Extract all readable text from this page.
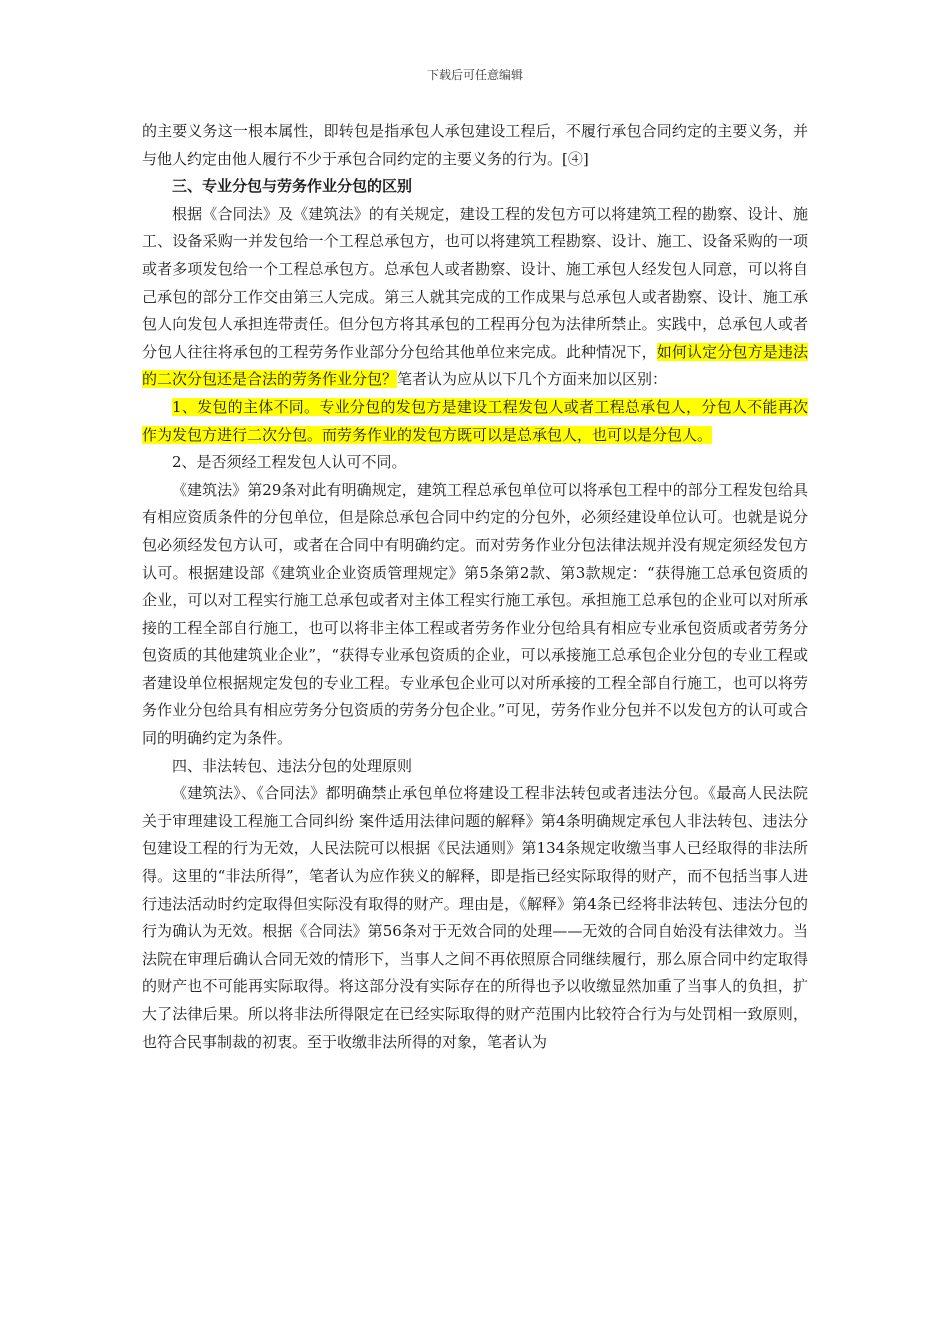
下载后可任意编辑

的主要义务这一根本属性，即转包是指承包人承包建设工程后，不履行承包合同约定的主要义务，并与他人约定由他人履行不少于承包合同约定的主要义务的行为。[④]

三、专业分包与劳务作业分包的区别

根据《合同法》及《建筑法》的有关规定，建设工程的发包方可以将建筑工程的勘察、设计、施工、设备采购一并发包给一个工程总承包方，也可以将建筑工程勘察、设计、施工、设备采购的一项或者多项发包给一个工程总承包方。总承包人或者勘察、设计、施工承包人经发包人同意，可以将自己承包的部分工作交由第三人完成。第三人就其完成的工作成果与总承包人或者勘察、设计、施工承包人向发包人承担连带责任。但分包方将其承包的工程再分包为法律所禁止。实践中，总承包人或者分包人往往将承包的工程劳务作业部分分包给其他单位来完成。此种情况下，如何认定分包方是违法的二次分包还是合法的劳务作业分包？笔者认为应从以下几个方面来加以区别：

1、发包的主体不同。专业分包的发包方是建设工程发包人或者工程总承包人，分包人不能再次作为发包方进行二次分包。而劳务作业的发包方既可以是总承包人，也可以是分包人。

2、是否须经工程发包人认可不同。

《建筑法》第29条对此有明确规定，建筑工程总承包单位可以将承包工程中的部分工程发包给具有相应资质条件的分包单位，但是除总承包合同中约定的分包外，必须经建设单位认可。也就是说分包必须经发包方认可，或者在合同中有明确约定。而对劳务作业分包法律法规并没有规定须经发包方认可。根据建设部《建筑业企业资质管理规定》第5条第2款、第3款规定：“获得施工总承包资质的企业，可以对工程实行施工总承包或者对主体工程实行施工承包。承担施工总承包的企业可以对所承接的工程全部自行施工，也可以将非主体工程或者劳务作业分包给具有相应专业承包资质或者劳务分包资质的其他建筑业企业”，“获得专业承包资质的企业，可以承接施工总承包企业分包的专业工程或者建设单位根据规定发包的专业工程。专业承包企业可以对所承接的工程全部自行施工，也可以将劳务作业分包给具有相应劳务分包资质的劳务分包企业。”可见，劳务作业分包并不以发包方的认可或合同的明确约定为条件。

四、非法转包、违法分包的处理原则

《建筑法》、《合同法》都明确禁止承包单位将建设工程非法转包或者违法分包。《最高人民法院关于审理建设工程施工合同纠纷 案件适用法律问题的解释》第4条明确规定承包人非法转包、违法分包建设工程的行为无效，人民法院可以根据《民法通则》第134条规定收缴当事人已经取得的非法所得。这里的“非法所得”，笔者认为应作狭义的解释，即是指已经实际取得的财产，而不包括当事人进行违法活动时约定取得但实际没有取得的财产。理由是，《解释》第4条已经将非法转包、违法分包的行为确认为无效。根据《合同法》第56条对于无效合同的处理——无效的合同自始没有法律效力。当法院在审理后确认合同无效的情形下，当事人之间不再依照原合同继续履行，那么原合同中约定取得的财产也不可能再实际取得。将这部分没有实际存在的所得也予以收缴显然加重了当事人的负担，扩大了法律后果。所以将非法所得限定在已经实际取得的财产范围内比较符合行为与处罚相一致原则，也符合民事制裁的初衷。至于收缴非法所得的对象，笔者认为
